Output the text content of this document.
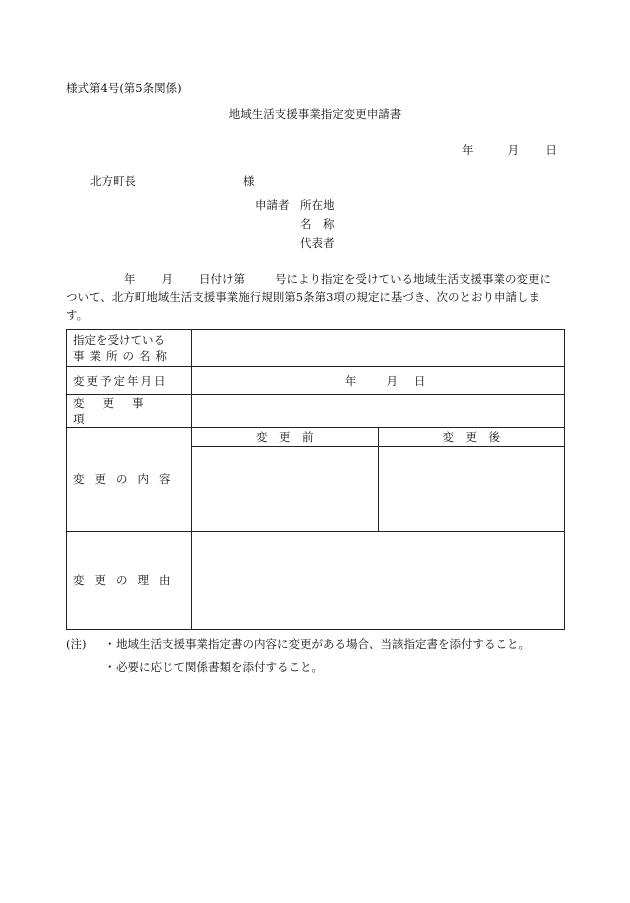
様式第4号(第5条関係)
地域生活支援事業指定変更申請書
年	月 日
北方町長	様
申請者 所在地
名　称
代表者
年 月 日付け第	号により指定を受けている地域生活支援事業の変更に
ついて、北方町地域生活支援事業施行規則第5条第3項の規定に基づき、次のとおり申請しま
す。
指定を受けている
事業所の名称

変更予定年月日	年	月 日
変更事項	
変更の内容	
変　更　前	変　更　後

変更の理由	
(注)	・ 地域生活支援事業指定書の内容に変更がある場合、当該指定書を添付すること。
・ 必要に応じて関係書類を添付すること。
